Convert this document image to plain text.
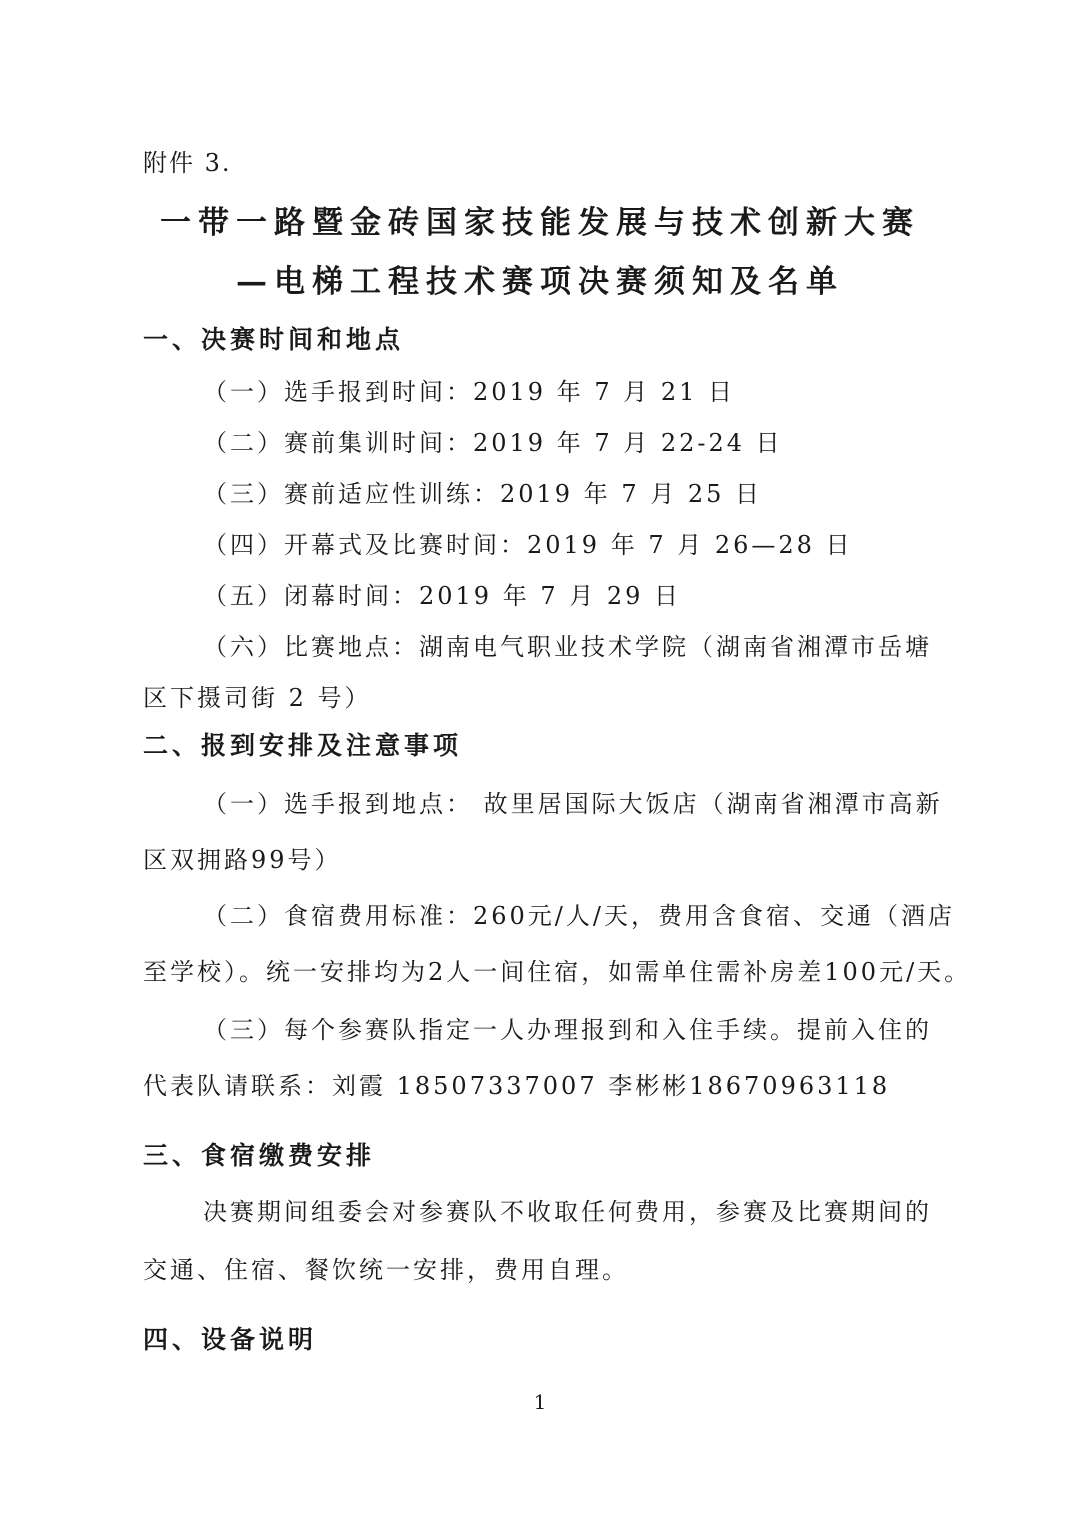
附件 3.
一带一路暨金砖国家技能发展与技术创新大赛
—电梯工程技术赛项决赛须知及名单
一、决赛时间和地点
（一）选手报到时间：2019 年 7 月 21 日
（二）赛前集训时间：2019 年 7 月 22-24 日
（三）赛前适应性训练：2019 年 7 月 25 日
（四）开幕式及比赛时间：2019 年 7 月 26—28 日
（五）闭幕时间：2019 年 7 月 29 日
（六）比赛地点：湖南电气职业技术学院（湖南省湘潭市岳塘
区下摄司街 2 号）
二、报到安排及注意事项
（一）选手报到地点： 故里居国际大饭店（湖南省湘潭市高新
区双拥路99号）
（二）食宿费用标准：260元/人/天，费用含食宿、交通（酒店
至学校）。统一安排均为2人一间住宿，如需单住需补房差100元/天。
（三）每个参赛队指定一人办理报到和入住手续。提前入住的
代表队请联系：刘霞 18507337007 李彬彬18670963118
三、食宿缴费安排
决赛期间组委会对参赛队不收取任何费用，参赛及比赛期间的
交通、住宿、餐饮统一安排，费用自理。
四、设备说明
1
